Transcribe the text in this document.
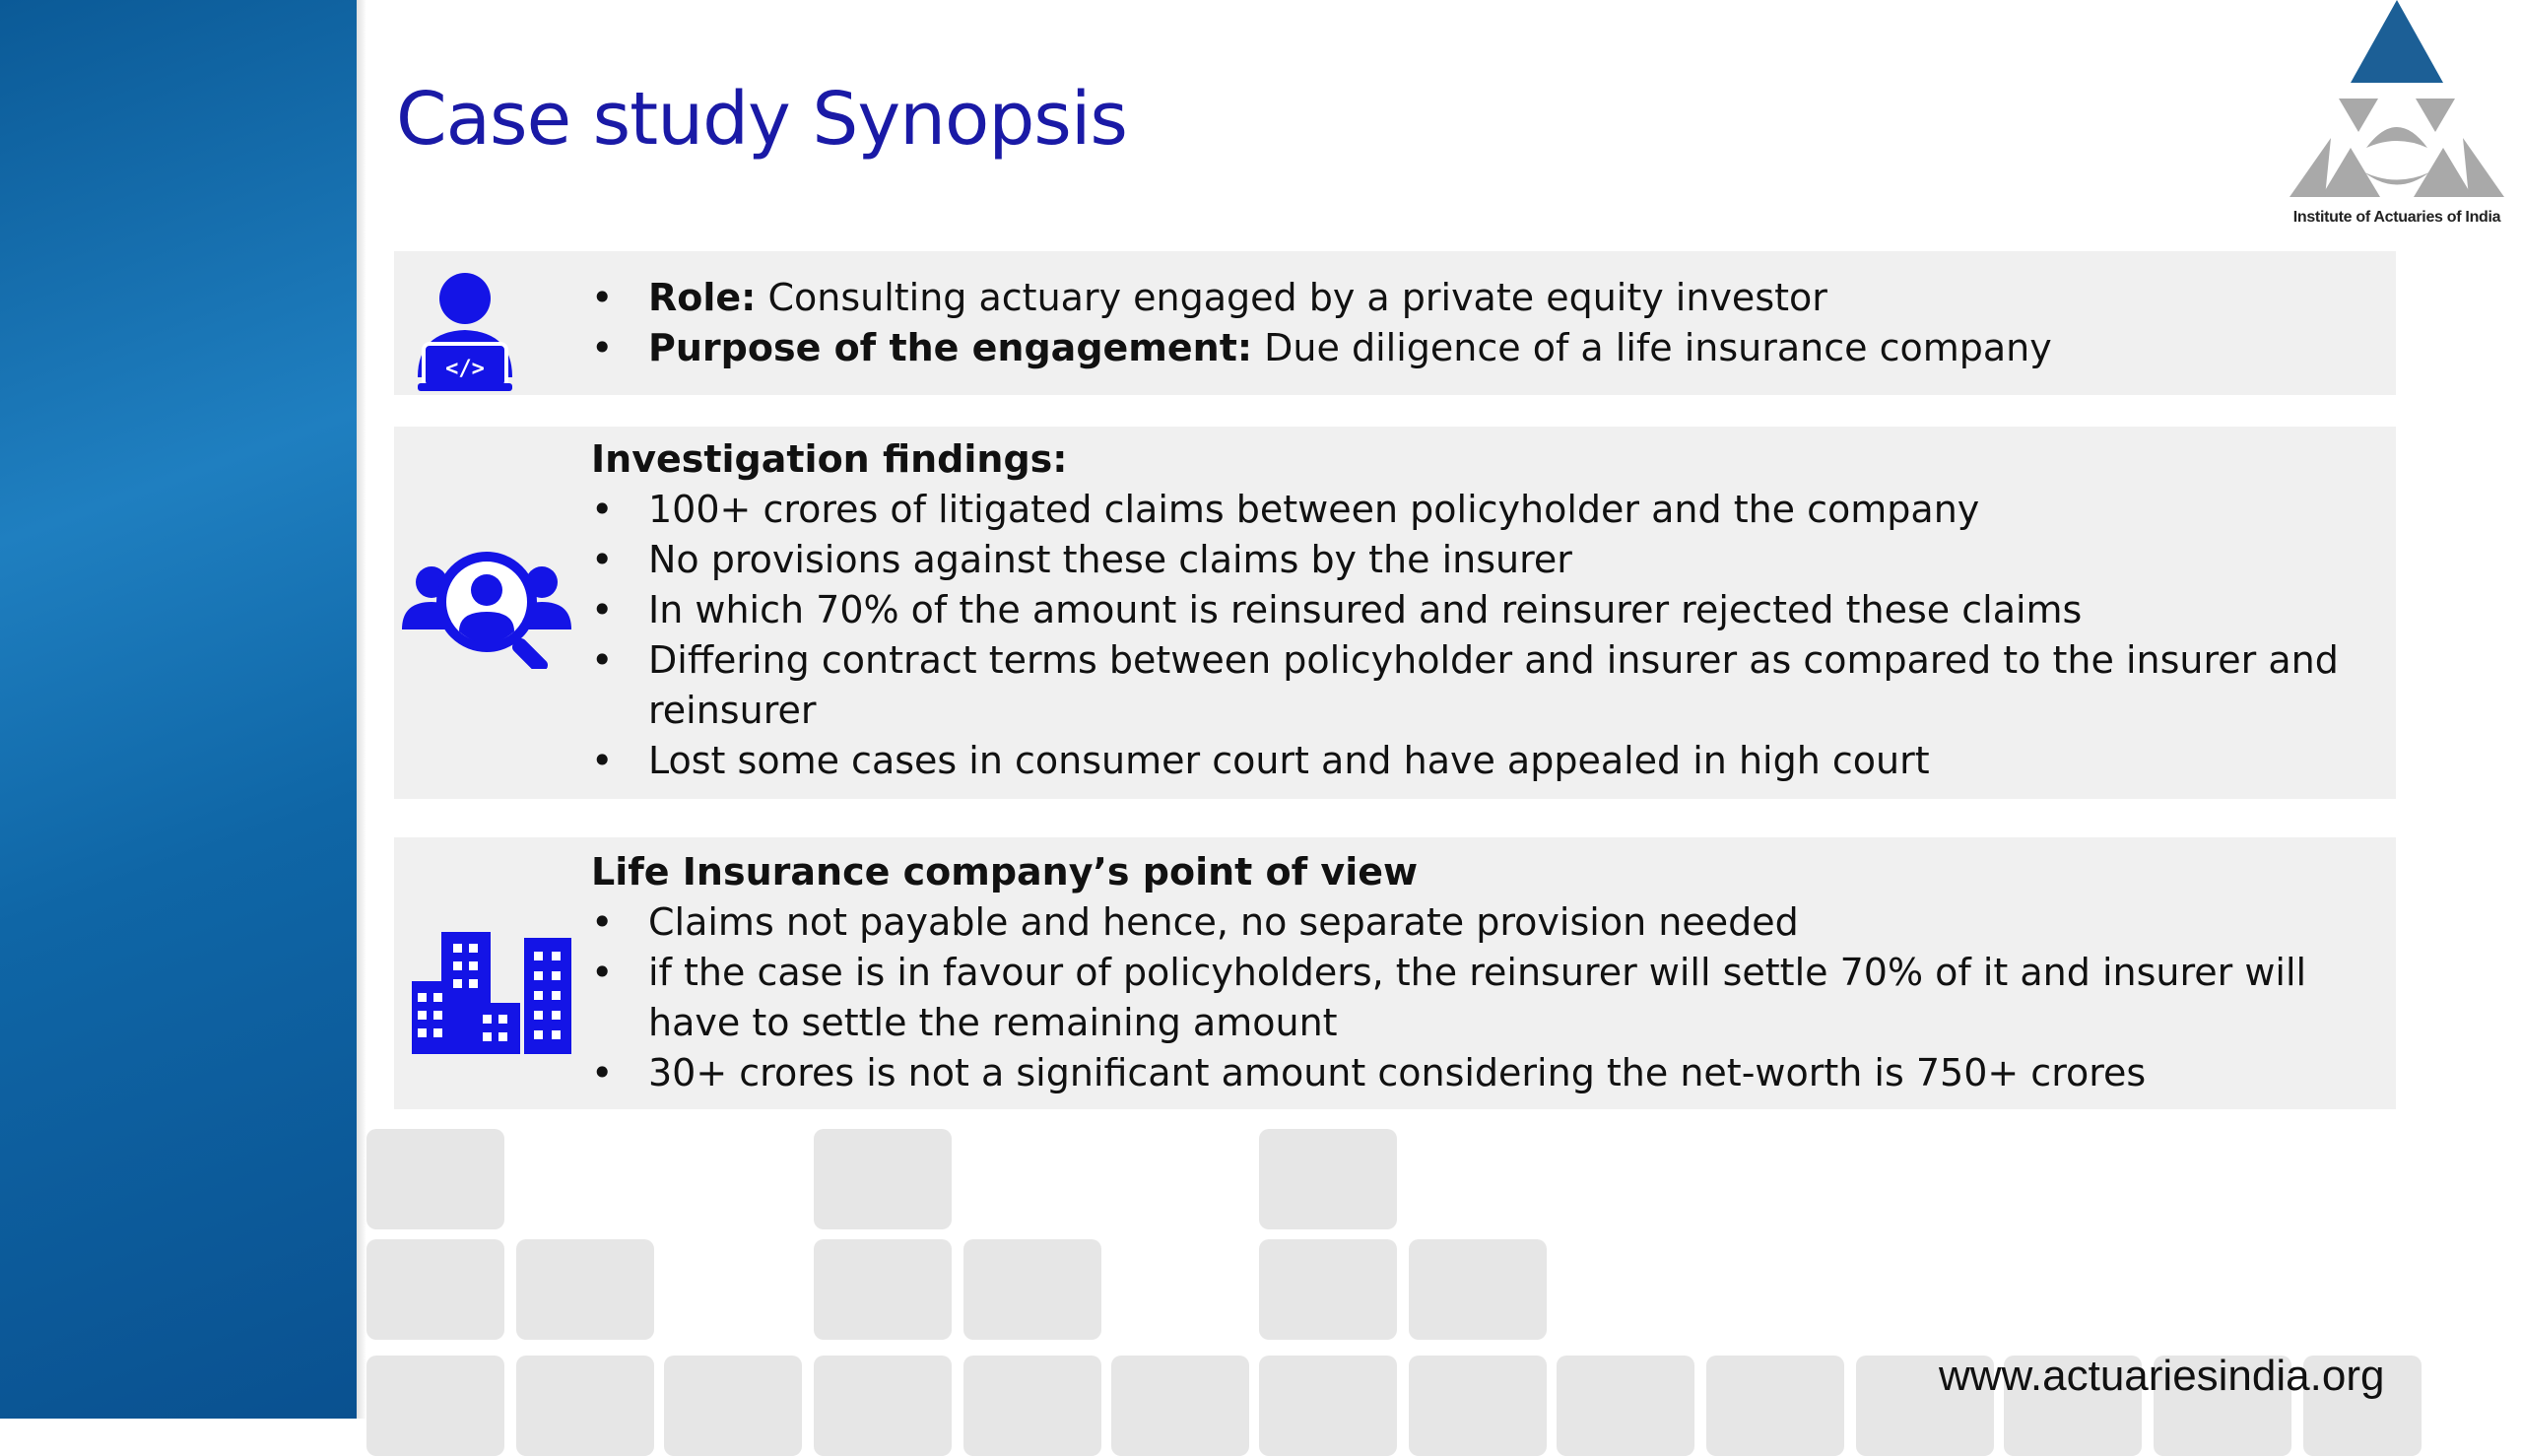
Case study Synopsis
Institute of Actuaries of India
</>
• Role: Consulting actuary engaged by a private equity investor
• Purpose of the engagement: Due diligence of a life insurance company
Investigation findings:
• 100+ crores of litigated claims between policyholder and the company
• No provisions against these claims by the insurer
• In which 70% of the amount is reinsured and reinsurer rejected these claims
• Differing contract terms between policyholder and insurer as compared to the insurer and
reinsurer
• Lost some cases in consumer court and have appealed in high court
Life Insurance company’s point of view
• Claims not payable and hence, no separate provision needed
• if the case is in favour of policyholders, the reinsurer will settle 70% of it and insurer will
have to settle the remaining amount
• 30+ crores is not a significant amount considering the net-worth is 750+ crores
www.actuariesindia.org
